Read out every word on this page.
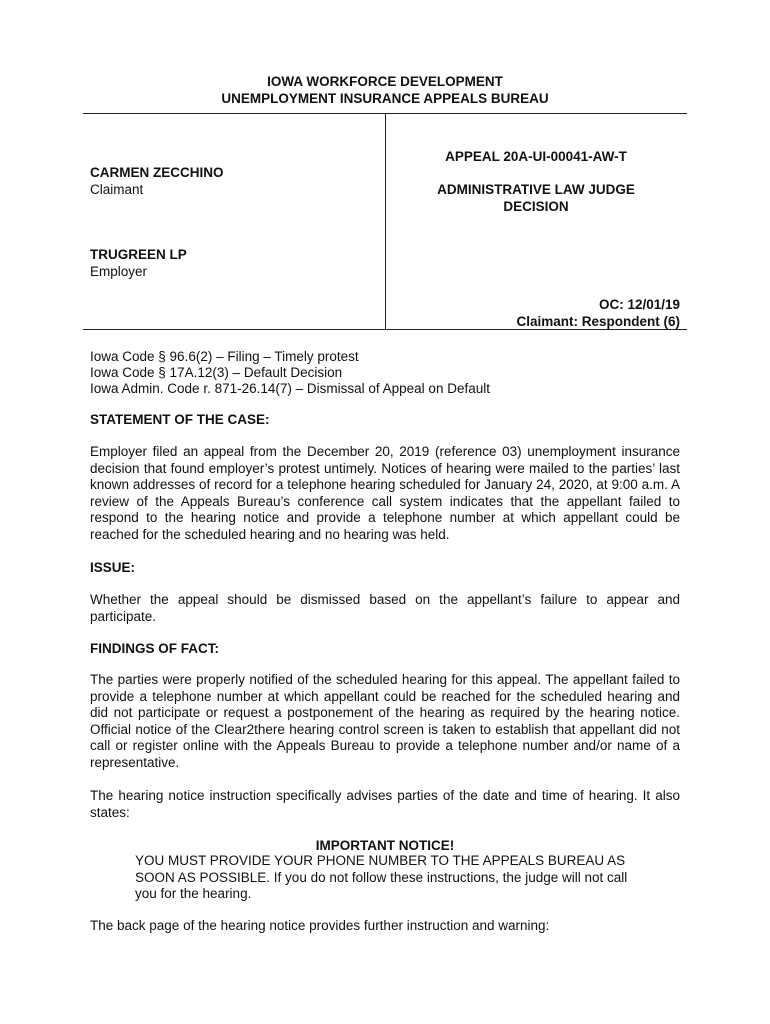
IOWA WORKFORCE DEVELOPMENT
UNEMPLOYMENT INSURANCE APPEALS BUREAU
CARMEN ZECCHINO
Claimant
TRUGREEN LP
Employer
APPEAL 20A-UI-00041-AW-T
ADMINISTRATIVE LAW JUDGE
DECISION
OC: 12/01/19
Claimant: Respondent (6)
Iowa Code § 96.6(2) – Filing – Timely protest
Iowa Code § 17A.12(3) – Default Decision
Iowa Admin. Code r. 871-26.14(7) – Dismissal of Appeal on Default
STATEMENT OF THE CASE:
Employer filed an appeal from the December 20, 2019 (reference 03) unemployment insurance decision that found employer’s protest untimely. Notices of hearing were mailed to the parties’ last known addresses of record for a telephone hearing scheduled for January 24, 2020, at 9:00 a.m. A review of the Appeals Bureau’s conference call system indicates that the appellant failed to respond to the hearing notice and provide a telephone number at which appellant could be reached for the scheduled hearing and no hearing was held.
ISSUE:
Whether the appeal should be dismissed based on the appellant’s failure to appear and participate.
FINDINGS OF FACT:
The parties were properly notified of the scheduled hearing for this appeal. The appellant failed to provide a telephone number at which appellant could be reached for the scheduled hearing and did not participate or request a postponement of the hearing as required by the hearing notice. Official notice of the Clear2there hearing control screen is taken to establish that appellant did not call or register online with the Appeals Bureau to provide a telephone number and/or name of a representative.
The hearing notice instruction specifically advises parties of the date and time of hearing. It also states:
IMPORTANT NOTICE!
YOU MUST PROVIDE YOUR PHONE NUMBER TO THE APPEALS BUREAU AS SOON AS POSSIBLE. If you do not follow these instructions, the judge will not call you for the hearing.
The back page of the hearing notice provides further instruction and warning:
